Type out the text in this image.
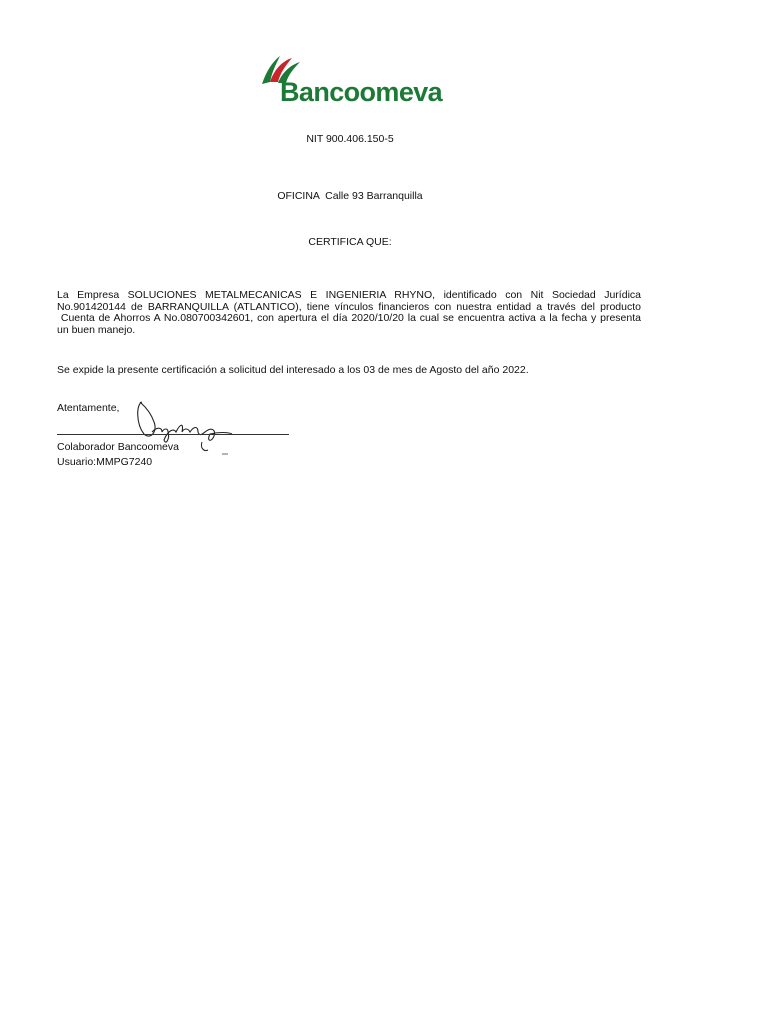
Bancoomeva
NIT 900.406.150-5
OFICINA  Calle 93 Barranquilla
CERTIFICA QUE:
La Empresa SOLUCIONES METALMECANICAS E INGENIERIA RHYNO, identificado con Nit Sociedad Jurídica
No.901420144 de BARRANQUILLA (ATLANTICO), tiene vínculos financieros con nuestra entidad a través del producto
Cuenta de Ahorros A No.080700342601, con apertura el día 2020/10/20 la cual se encuentra activa a la fecha y presenta
un buen manejo.
Se expide la presente certificación a solicitud del interesado a los 03 de mes de Agosto del año 2022.
Atentamente,
Colaborador Bancoomeva
Usuario:MMPG7240
